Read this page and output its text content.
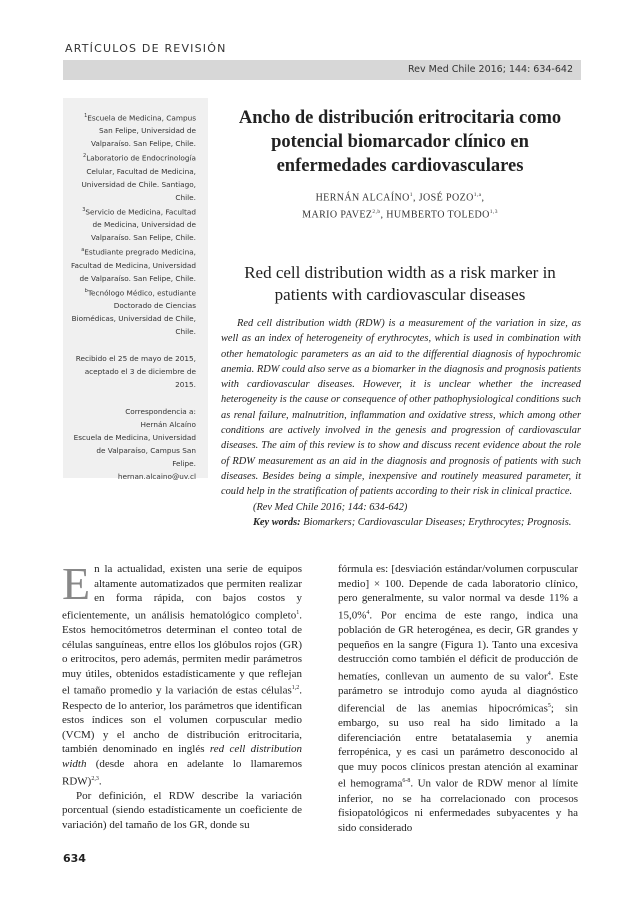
ARTÍCULOS DE REVISIÓN
Rev Med Chile 2016; 144: 634-642

$^1$Escuela de Medicina, Campus San Felipe, Universidad de Valparaíso. San Felipe, Chile.

$^2$Laboratorio de Endocrinología Celular, Facultad de Medicina, Universidad de Chile. Santiago, Chile.

$^3$Servicio de Medicina, Facultad de Medicina, Universidad de Valparaíso. San Felipe, Chile.

$^a$Estudiante pregrado Medicina, Facultad de Medicina, Universidad de Valparaíso. San Felipe, Chile.

$^b$Tecnólogo Médico, estudiante Doctorado de Ciencias Biomédicas, Universidad de Chile, Chile.

Recibido el 25 de mayo de 2015, aceptado el 3 de diciembre de 2015.

Correspondencia a:

Hernán Alcaíno

Escuela de Medicina, Universidad de Valparaíso, Campus San Felipe.

hernan.alcaino@uv.cl

Ancho de distribución eritrocitaria como potencial biomarcador clínico en enfermedades cardiovasculares
HERNÁN ALCAÍNO$^1$, JOSÉ POZO$^{1,a}$,
MARIO PAVEZ$^{2,b}$, HUMBERTO TOLEDO$^{1,3}$
Red cell distribution width as a risk marker in patients with cardiovascular diseases

Red cell distribution width (RDW) is a measurement of the variation in size, as well as an index of heterogeneity of erythrocytes, which is used in combination with other hematologic parameters as an aid to the differential diagnosis of hypochromic anemia. RDW could also serve as a biomarker in the diagnosis and prognosis patients with cardiovascular diseases. However, it is unclear whether the increased heterogeneity is the cause or consequence of other pathophysiological conditions such as renal failure, malnutrition, inflammation and oxidative stress, which among other conditions are actively involved in the genesis and progression of cardiovascular diseases. The aim of this review is to show and discuss recent evidence about the role of RDW measurement as an aid in the diagnosis and prognosis of patients with such diseases. Besides being a simple, inexpensive and routinely measured parameter, it could help in the stratification of patients according to their risk in clinical practice.

(Rev Med Chile 2016; 144: 634-642)

Key words: Biomarkers; Cardiovascular Diseases; Erythrocytes; Prognosis.

En la actualidad, existen una serie de equipos altamente automatizados que permiten realizar en forma rápida, con bajos costos y eficientemente, un análisis hematológico completo$^1$. Estos hemocitómetros determinan el conteo total de células sanguíneas, entre ellos los glóbulos rojos (GR) o eritrocitos, pero además, permiten medir parámetros muy útiles, obtenidos estadísticamente y que reflejan el tamaño promedio y la variación de estas células$^{1,2}$. Respecto de lo anterior, los parámetros que identifican estos índices son el volumen corpuscular medio (VCM) y el ancho de distribución eritrocitaria, también denominado en inglés red cell distribution width (desde ahora en adelante lo llamaremos RDW)$^{2,3}$.

Por definición, el RDW describe la variación porcentual (siendo estadísticamente un coeficiente de variación) del tamaño de los GR, donde su

fórmula es: [desviación estándar/volumen corpuscular medio] × 100. Depende de cada laboratorio clínico, pero generalmente, su valor normal va desde 11% a 15,0%$^4$. Por encima de este rango, indica una población de GR heterogénea, es decir, GR grandes y pequeños en la sangre (Figura 1). Tanto una excesiva destrucción como también el déficit de producción de hematíes, conllevan un aumento de su valor$^4$. Este parámetro se introdujo como ayuda al diagnóstico diferencial de las anemias hipocrómicas$^5$; sin embargo, su uso real ha sido limitado a la diferenciación entre betatalasemia y anemia ferropénica, y es casi un parámetro desconocido al que muy pocos clínicos prestan atención al examinar el hemograma$^{6-8}$. Un valor de RDW menor al límite inferior, no se ha correlacionado con procesos fisiopatológicos ni enfermedades subyacentes y ha sido considerado

634
